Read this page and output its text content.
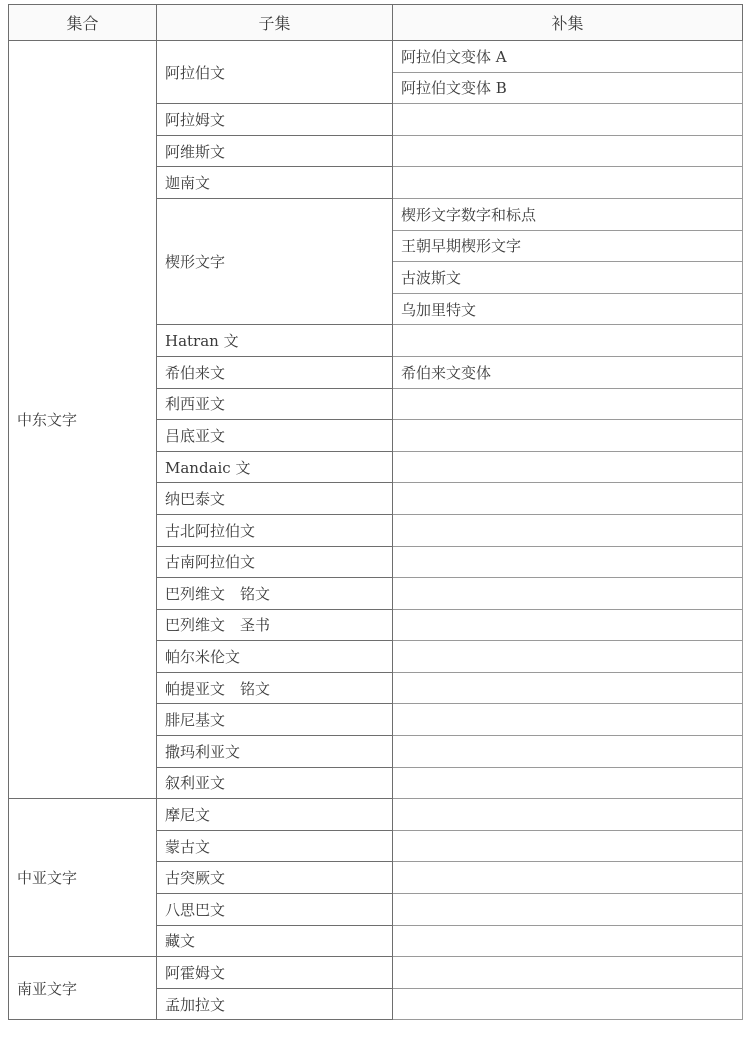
集合	子集	补集
中东文字	阿拉伯文	阿拉伯文变体 A
		阿拉伯文变体 B
	阿拉姆文	
	阿维斯文	
	迦南文	
	楔形文字	楔形文字数字和标点
		王朝早期楔形文字
		古波斯文
		乌加里特文
	Hatran 文	
	希伯来文	希伯来文变体
	利西亚文	
	吕底亚文	
	Mandaic 文	
	纳巴泰文	
	古北阿拉伯文	
	古南阿拉伯文	
	巴列维文　铭文	
	巴列维文　圣书	
	帕尔米伦文	
	帕提亚文　铭文	
	腓尼基文	
	撒玛利亚文	
	叙利亚文	
中亚文字	摩尼文	
	蒙古文	
	古突厥文	
	八思巴文	
	藏文	
南亚文字	阿霍姆文	
	孟加拉文	
